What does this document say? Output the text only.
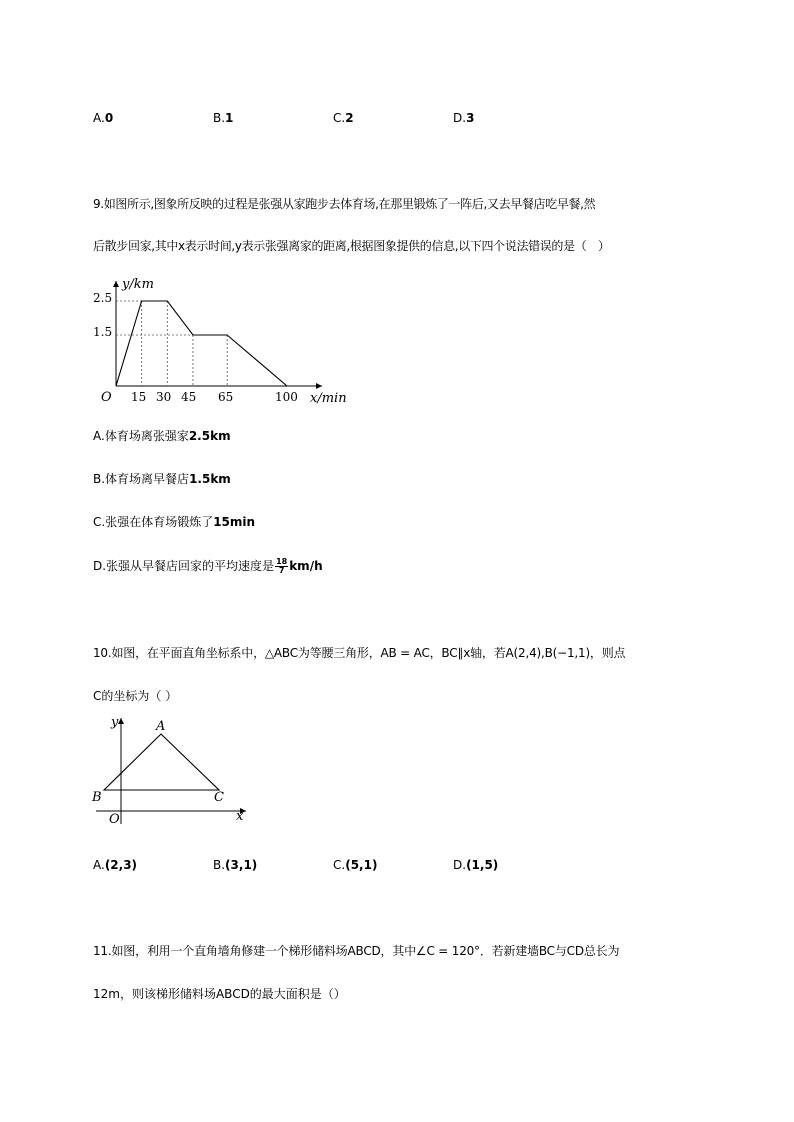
A.0	B.1	C.2	D.3
9.如图所示,图象所反映的过程是张强从家跑步去体育场,在那里锻炼了一阵后,又去早餐店吃早餐,然
后散步回家,其中x表示时间,y表示张强离家的距离,根据图象提供的信息,以下四个说法错误的是（　）
y/km
x/min
O
2.5
1.5
15 30 45 65	100
A.体育场离张强家2.5km
B.体育场离早餐店1.5km
C.张强在体育场锻炼了15min
D.张强从早餐店回家的平均速度是 $\frac{18}{7} km/h$
10.如图，在平面直角坐标系中，△ABC为等腰三角形，AB = AC，BC∥x轴，若A(2,4),B(−1,1)，则点
C的坐标为（ ）
A
B	C
O	x
y
A.(2,3)	B.(3,1)	C.(5,1)	D.(1,5)
11.如图，利用一个直角墙角修建一个梯形储料场ABCD，其中∠C = 120°．若新建墙BC与CD总长为
12m，则该梯形储料场ABCD的最大面积是（）
